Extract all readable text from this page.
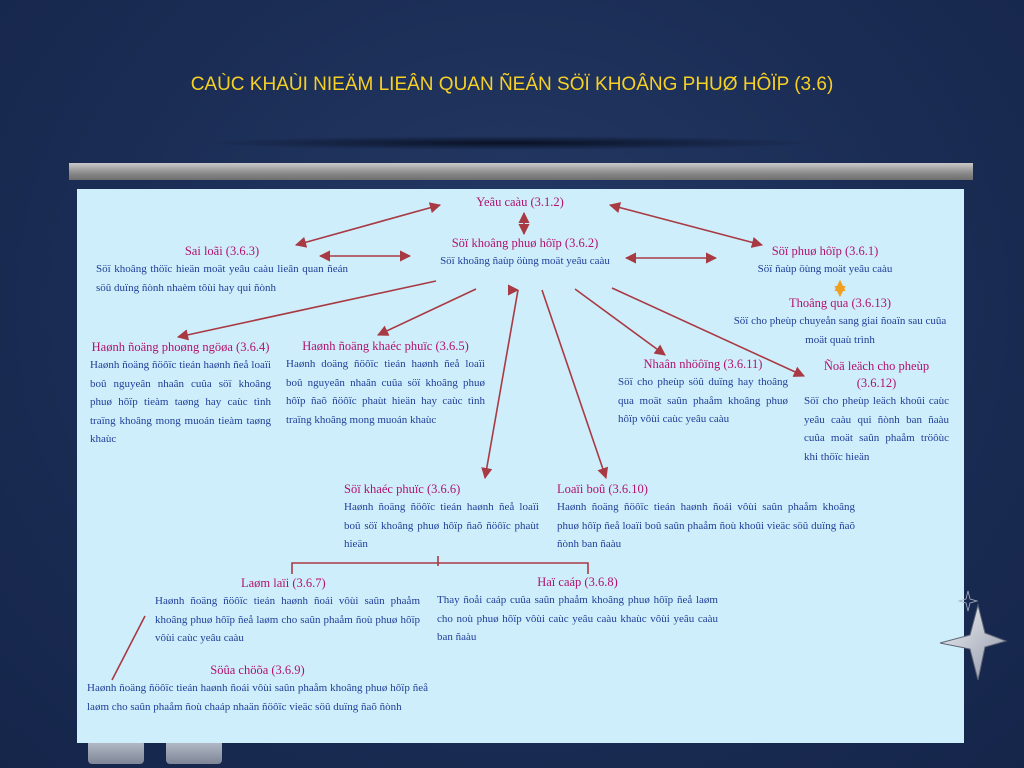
CAÙC KHAÙI NIEÄM LIEÂN QUAN ÑEÁN SÖÏ KHOÂNG PHUØ HÔÏP (3.6)
Yeâu caàu (3.1.2)
Söï khoâng phuø hôïp (3.6.2)
Söï khoâng ñaùp öùng moät yeâu caàu
Söï phuø hôïp (3.6.1)
Söï ñaùp öùng moät yeâu caàu
Sai loãi (3.6.3)
Söï khoâng thöïc hieän moät yeâu caàu lieân quan ñeán söû duïng ñònh nhaèm tôùi hay qui ñònh
Thoâng qua (3.6.13)
Söï cho pheùp chuyeån sang giai ñoaïn sau cuûa moät quaù trình
Haønh ñoäng phoøng ngöøa (3.6.4)
Haønh ñoäng ñöôïc tieán haønh ñeå loaïi boû nguyeân nhaân cuûa söï khoâng phuø hôïp tieàm taøng hay caùc tình traïng khoâng mong muoán tieàm taøng khaùc
Haønh ñoäng khaéc phuïc (3.6.5)
Haønh doäng ñöôïc tieán haønh ñeå loaïi boû nguyeân nhaân cuûa söï khoâng phuø hôïp ñaõ ñöôïc phaùt hieän hay caùc tình traïng khoâng mong muoán khaùc
Nhaân nhöôïng (3.6.11)
Söï cho pheùp söû duïng hay thoâng qua moät saûn phaåm khoâng phuø hôïp vôùi caùc yeâu caàu
Ñoä leäch cho pheùp (3.6.12)
Söï cho pheùp leäch khoûi caùc yeâu caàu qui ñònh ban ñaàu cuûa moät saûn phaåm tröôùc khi thöïc hieän
Söï khaéc phuïc (3.6.6)
Haønh ñoäng ñöôïc tieán haønh ñeå loaïi boû söï khoâng phuø hôïp ñaõ ñöôïc phaùt hieän
Loaïi boû (3.6.10)
Haønh ñoäng ñöôïc tieán haønh ñoái vôùi saûn phaåm khoâng phuø hôïp ñeå loaïi boû saûn phaåm ñoù khoûi vieäc söû duïng ñaõ ñònh ban ñaàu
Laøm laïi (3.6.7)
Haønh ñoäng ñöôïc tieán haønh ñoái vôùi saûn phaåm khoâng phuø hôïp ñeå laøm cho saûn phaåm ñoù phuø hôïp vôùi caùc yeâu caàu
Haï caáp (3.6.8)
Thay ñoåi caáp cuûa saûn phaåm khoâng phuø hôïp ñeå laøm cho noù phuø hôïp vôùi caùc yeâu caàu khaùc vôùi yeâu caàu ban ñaàu
Söûa chöõa (3.6.9)
Haønh ñoäng ñöôïc tieán haønh ñoái vôùi saûn phaåm khoâng phuø hôïp ñeå laøm cho saûn phaåm ñoù chaáp nhaän ñöôïc vieäc söû duïng ñaõ ñònh
